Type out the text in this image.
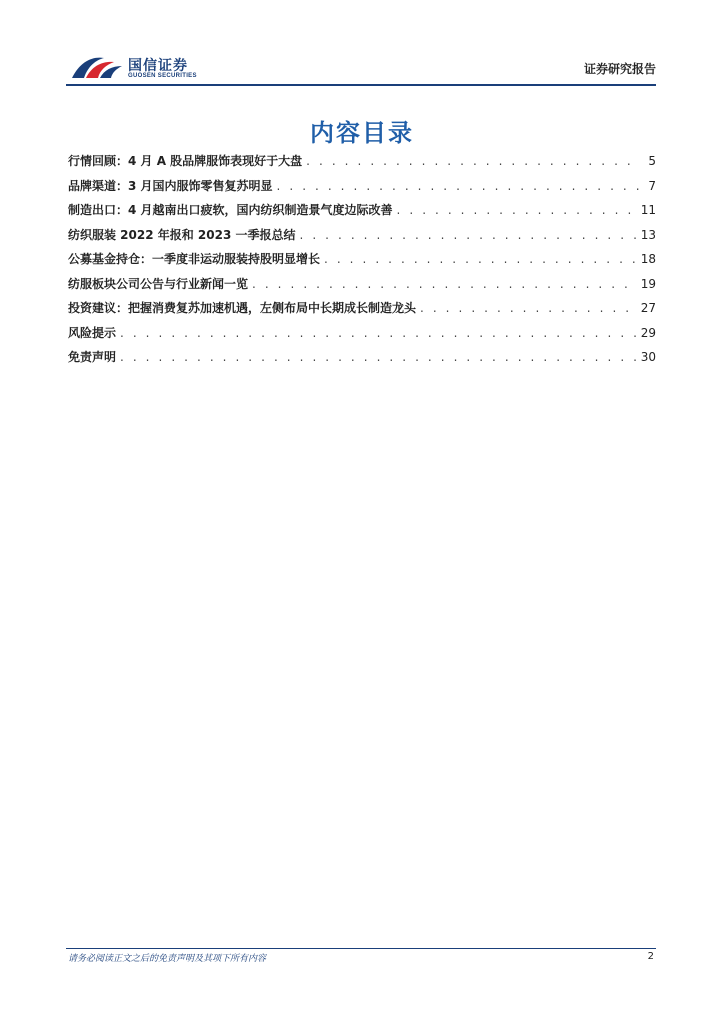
国信证券
GUOSEN SECURITIES	证券研究报告
内容目录
行情回顾：4 月 A 股品牌服饰表现好于大盘 . . .	5
品牌渠道：3 月国内服饰零售复苏明显 . . .	7
制造出口：4 月越南出口疲软，国内纺织制造景气度边际改善 . . .	11
纺织服装 2022 年报和 2023 一季报总结 . . .	13
公募基金持仓：一季度非运动服装持股明显增长 . . .	18
纺服板块公司公告与行业新闻一览 . . .	19
投资建议：把握消费复苏加速机遇，左侧布局中长期成长制造龙头 . . .	27
风险提示 . . .	29
免责声明 . . .	30
请务必阅读正文之后的免责声明及其项下所有内容	2
